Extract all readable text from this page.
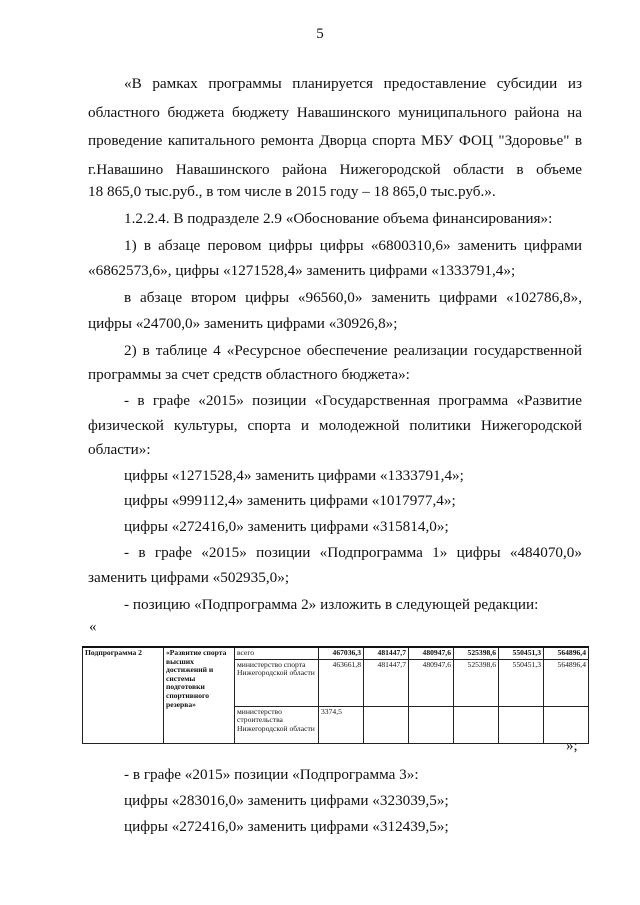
5
«В рамках программы планируется предоставление субсидии из
областного бюджета бюджету Навашинского муниципального района на
проведение капитального ремонта Дворца спорта МБУ ФОЦ "Здоровье" в
г.Навашино Навашинского района Нижегородской области в объеме
18 865,0 тыс.руб., в том числе в 2015 году – 18 865,0 тыс.руб.».
1.2.2.4. В подразделе 2.9 «Обоснование объема финансирования»:
1) в абзаце перовом цифры цифры «6800310,6» заменить цифрами
«6862573,6», цифры «1271528,4» заменить цифрами «1333791,4»;
в абзаце втором цифры «96560,0» заменить цифрами «102786,8»,
цифры «24700,0» заменить цифрами «30926,8»;
2) в таблице 4 «Ресурсное обеспечение реализации государственной
программы за счет средств областного бюджета»:
- в графе «2015» позиции «Государственная программа «Развитие
физической культуры, спорта и молодежной политики Нижегородской
области»:
цифры «1271528,4» заменить цифрами «1333791,4»;
цифры «999112,4» заменить цифрами «1017977,4»;
цифры «272416,0» заменить цифрами «315814,0»;
- в графе «2015» позиции «Подпрограмма 1» цифры «484070,0»
заменить цифрами «502935,0»;
- позицию «Подпрограмма 2» изложить в следующей редакции:
«
Подпрограмма 2	«Развитие спорта высших достижений и системы подготовки спортивного резерва»	всего	467036,3	481447,7	480947,6	525398,6	550451,3	564896,4
		министерство спорта Нижегородской области	463661,8	481447,7	480947,6	525398,6	550451,3	564896,4
		министерство строительства Нижегородской области	3374,5					
»;
- в графе «2015» позиции «Подпрограмма 3»:
цифры «283016,0» заменить цифрами «323039,5»;
цифры «272416,0» заменить цифрами «312439,5»;
